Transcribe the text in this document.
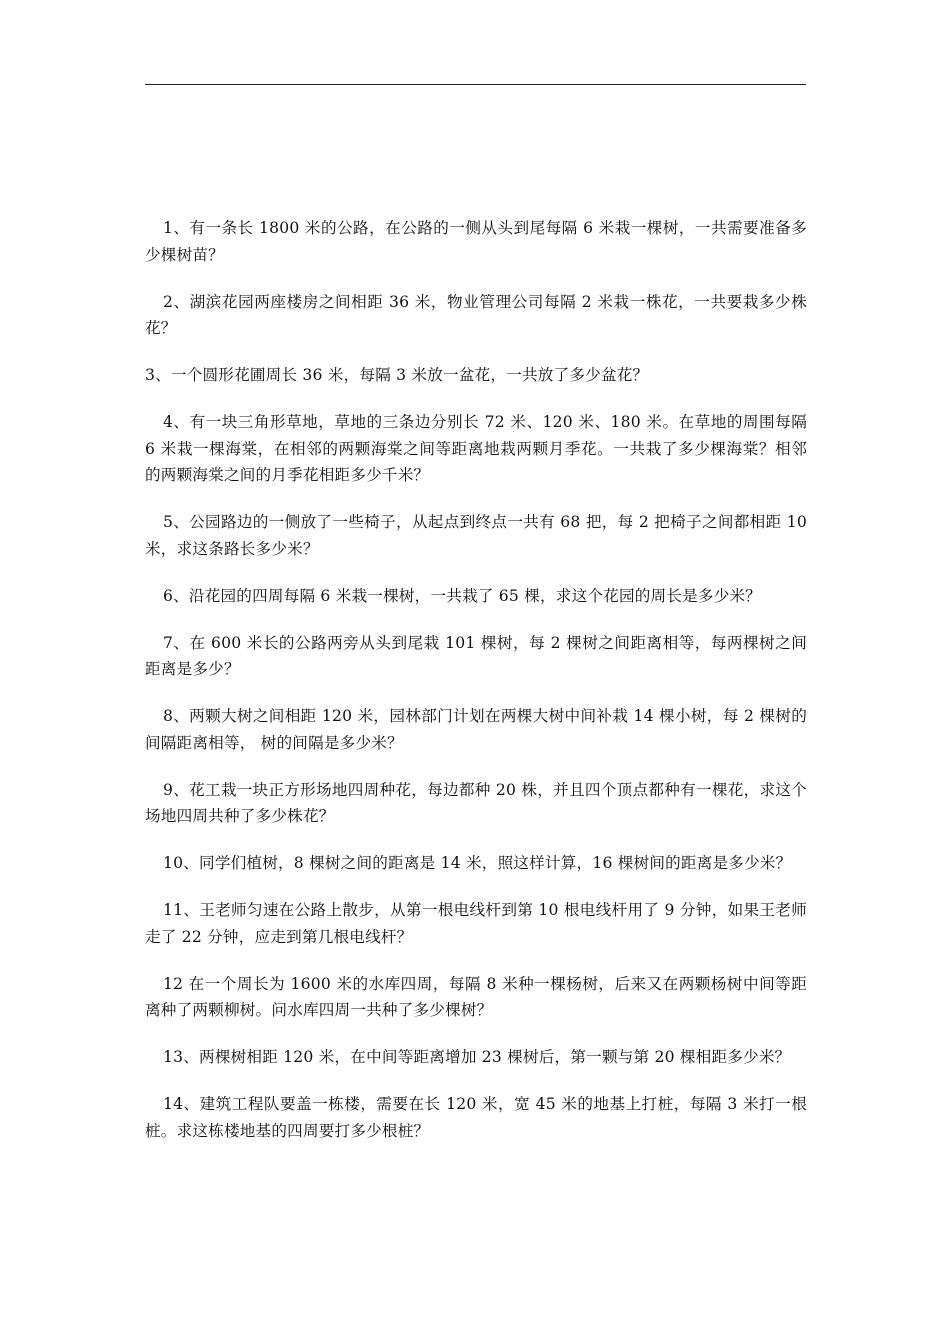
1、有一条长 1800 米的公路，在公路的一侧从头到尾每隔 6 米栽一棵树，一共需要准备多少棵树苗？

2、湖滨花园两座楼房之间相距 36 米，物业管理公司每隔 2 米栽一株花，一共要栽多少株花？

3、一个圆形花圃周长 36 米，每隔 3 米放一盆花，一共放了多少盆花？

4、有一块三角形草地，草地的三条边分别长 72 米、120 米、180 米。在草地的周围每隔 6 米栽一棵海棠，在相邻的两颗海棠之间等距离地栽两颗月季花。一共栽了多少棵海棠？相邻的两颗海棠之间的月季花相距多少千米？

5、公园路边的一侧放了一些椅子，从起点到终点一共有 68 把，每 2 把椅子之间都相距 10 米，求这条路长多少米？

6、沿花园的四周每隔 6 米栽一棵树，一共栽了 65 棵，求这个花园的周长是多少米？

7、在 600 米长的公路两旁从头到尾栽 101 棵树，每 2 棵树之间距离相等，每两棵树之间距离是多少？

8、两颗大树之间相距 120 米，园林部门计划在两棵大树中间补栽 14 棵小树，每 2 棵树的间隔距离相等， 树的间隔是多少米？

9、花工栽一块正方形场地四周种花，每边都种 20 株，并且四个顶点都种有一棵花，求这个场地四周共种了多少株花？

10、同学们植树，8 棵树之间的距离是 14 米，照这样计算，16 棵树间的距离是多少米？

11、王老师匀速在公路上散步，从第一根电线杆到第 10 根电线杆用了 9 分钟，如果王老师走了 22 分钟，应走到第几根电线杆？

12 在一个周长为 1600 米的水库四周，每隔 8 米种一棵杨树，后来又在两颗杨树中间等距离种了两颗柳树。问水库四周一共种了多少棵树？

13、两棵树相距 120 米，在中间等距离增加 23 棵树后，第一颗与第 20 棵相距多少米？

14、建筑工程队要盖一栋楼，需要在长 120 米，宽 45 米的地基上打桩，每隔 3 米打一根桩。求这栋楼地基的四周要打多少根桩？
